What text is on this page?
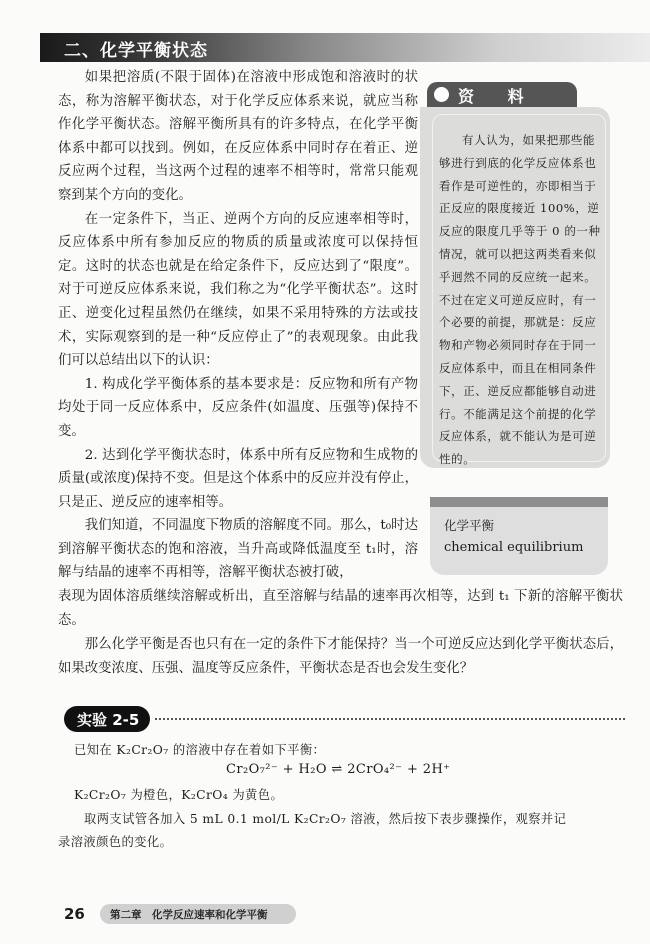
二、化学平衡状态

如果把溶质(不限于固体)在溶液中形成饱和溶液时的状态，称为溶解平衡状态，对于化学反应体系来说，就应当称作化学平衡状态。溶解平衡所具有的许多特点，在化学平衡体系中都可以找到。例如，在反应体系中同时存在着正、逆反应两个过程，当这两个过程的速率不相等时，常常只能观察到某个方向的变化。

在一定条件下，当正、逆两个方向的反应速率相等时，反应体系中所有参加反应的物质的质量或浓度可以保持恒定。这时的状态也就是在给定条件下，反应达到了“限度”。对于可逆反应体系来说，我们称之为“化学平衡状态”。这时正、逆变化过程虽然仍在继续，如果不采用特殊的方法或技术，实际观察到的是一种“反应停止了”的表观现象。由此我们可以总结出以下的认识：

1. 构成化学平衡体系的基本要求是：反应物和所有产物均处于同一反应体系中，反应条件(如温度、压强等)保持不变。

2. 达到化学平衡状态时，体系中所有反应物和生成物的质量(或浓度)保持不变。但是这个体系中的反应并没有停止，只是正、逆反应的速率相等。

我们知道，不同温度下物质的溶解度不同。那么，t₀时达到溶解平衡状态的饱和溶液，当升高或降低温度至 t₁时，溶解与结晶的速率不再相等，溶解平衡状态被打破，

表现为固体溶质继续溶解或析出，直至溶解与结晶的速率再次相等，达到 t₁ 下新的溶解平衡状态。
那么化学平衡是否也只有在一定的条件下才能保持？当一个可逆反应达到化学平衡状态后，如果改变浓度、压强、温度等反应条件，平衡状态是否也会发生变化？
资 料

有人认为，如果把那些能够进行到底的化学反应体系也看作是可逆性的，亦即相当于正反应的限度接近 100%，逆反应的限度几乎等于 0 的一种情况，就可以把这两类看来似乎迥然不同的反应统一起来。不过在定义可逆反应时，有一个必要的前提，那就是：反应物和产物必须同时存在于同一反应体系中，而且在相同条件下，正、逆反应都能够自动进行。不能满足这个前提的化学反应体系，就不能认为是可逆性的。

化学平衡
chemical equilibrium
实验 2-5
已知在 K₂Cr₂O₇ 的溶液中存在着如下平衡：
Cr₂O₇²⁻ + H₂O ⇌ 2CrO₄²⁻ + 2H⁺
K₂Cr₂O₇ 为橙色，K₂CrO₄ 为黄色。
取两支试管各加入 5 mL 0.1 mol/L K₂Cr₂O₇ 溶液，然后按下表步骤操作，观察并记
录溶液颜色的变化。
26	第二章　化学反应速率和化学平衡
